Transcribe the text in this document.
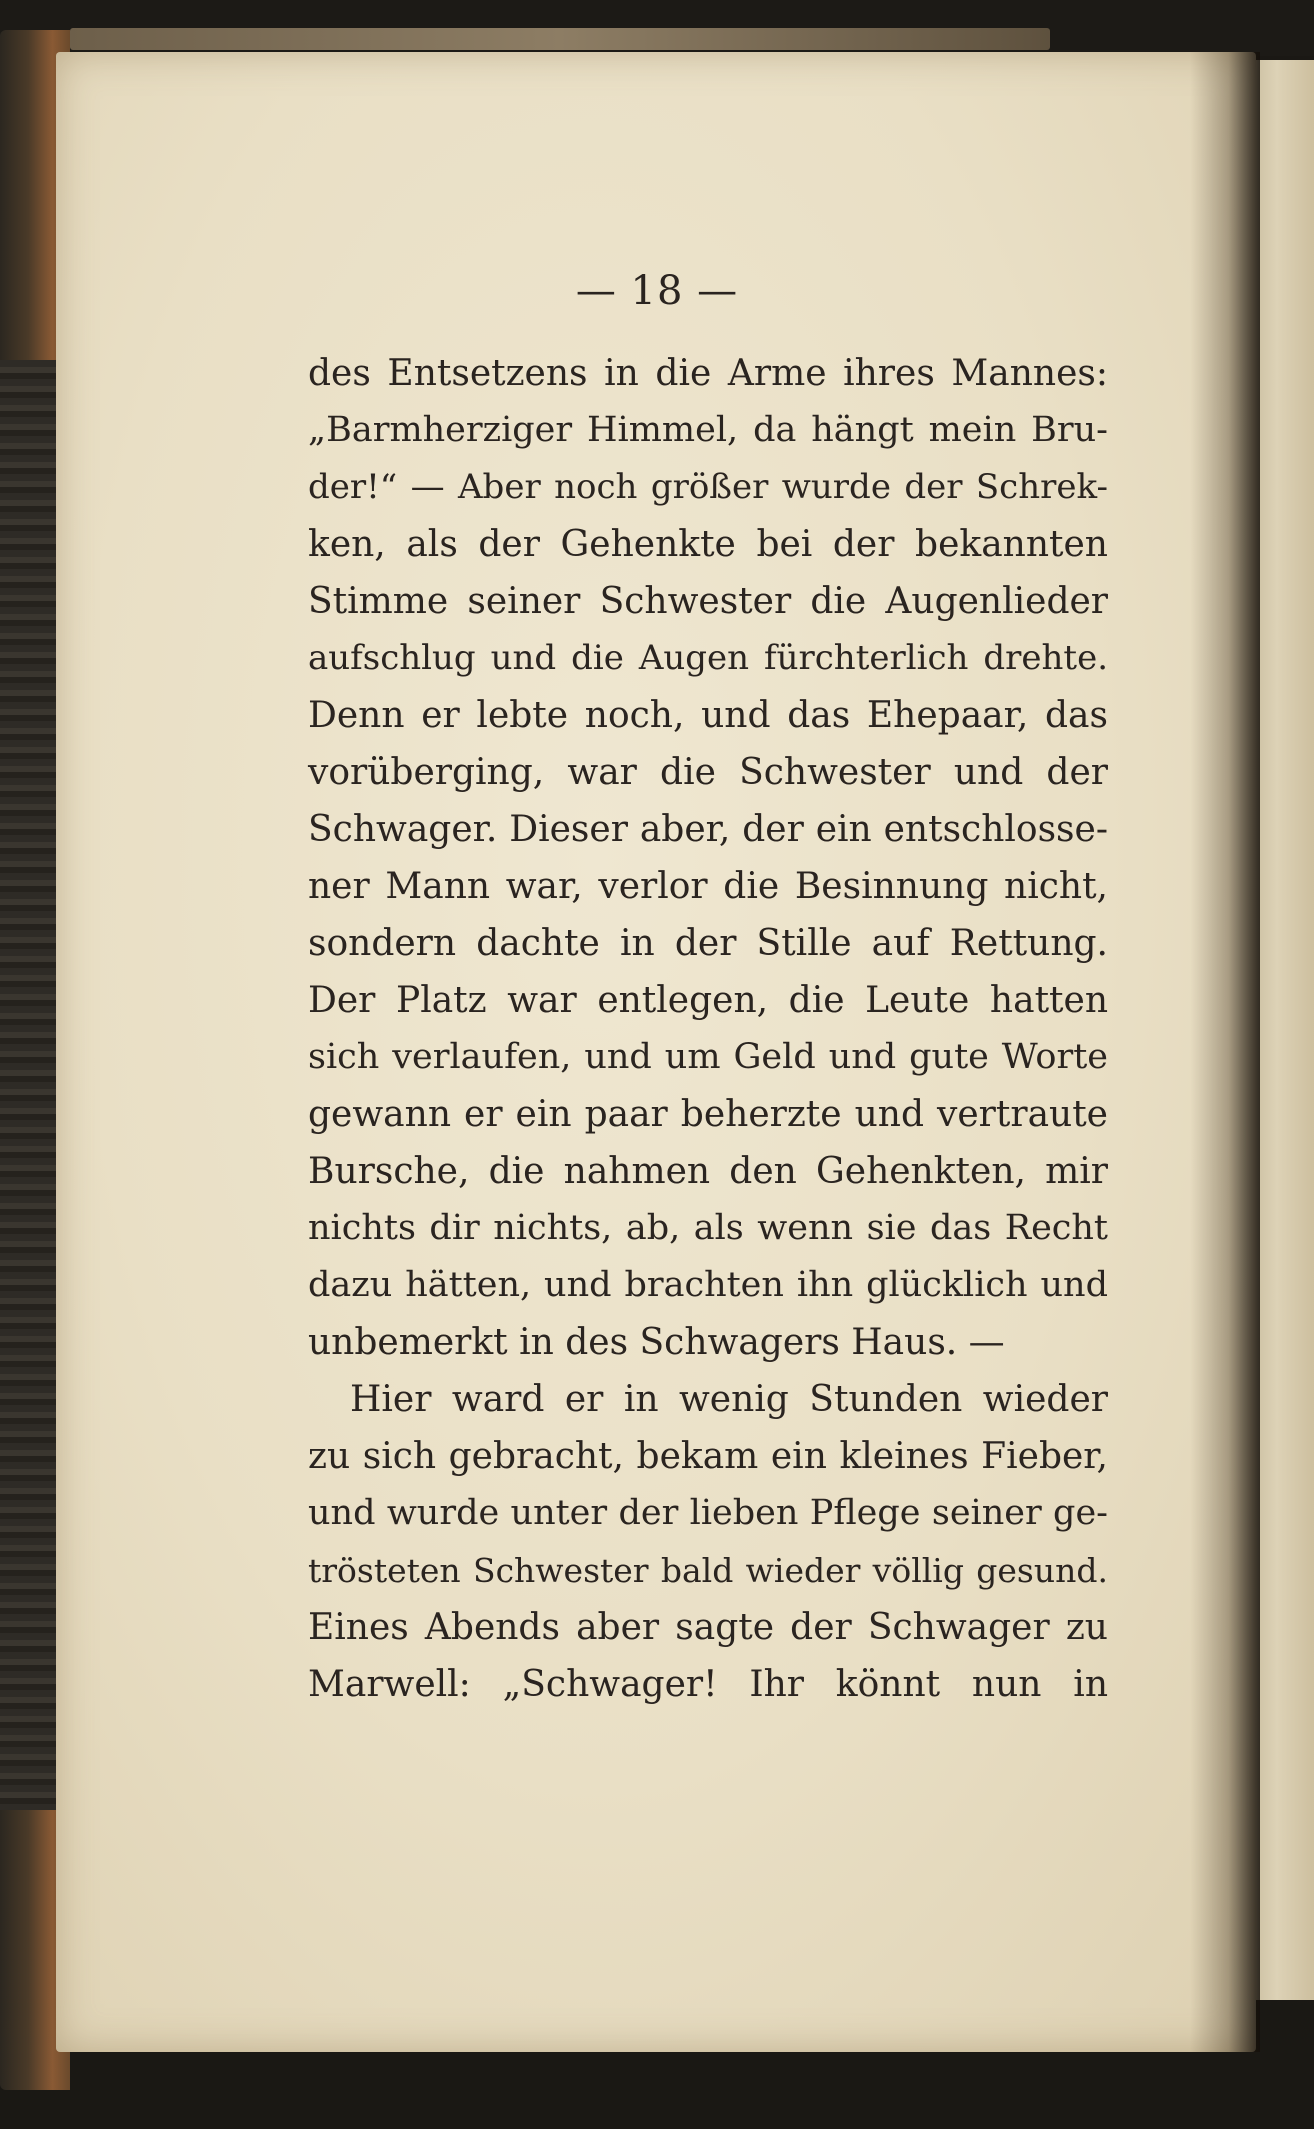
— 18 —
des Entsetzens in die Arme ihres Mannes:
„Barmherziger Himmel, da hängt mein Bru-
der!“ — Aber noch größer wurde der Schrek-
ken, als der Gehenkte bei der bekannten
Stimme seiner Schwester die Augenlieder
aufschlug und die Augen fürchterlich drehte.
Denn er lebte noch, und das Ehepaar, das
vorüberging, war die Schwester und der
Schwager. Dieser aber, der ein entschlosse-
ner Mann war, verlor die Besinnung nicht,
sondern dachte in der Stille auf Rettung.
Der Platz war entlegen, die Leute hatten
sich verlaufen, und um Geld und gute Worte
gewann er ein paar beherzte und vertraute
Bursche, die nahmen den Gehenkten, mir
nichts dir nichts, ab, als wenn sie das Recht
dazu hätten, und brachten ihn glücklich und
unbemerkt in des Schwagers Haus. —
Hier ward er in wenig Stunden wieder
zu sich gebracht, bekam ein kleines Fieber,
und wurde unter der lieben Pflege seiner ge-
trösteten Schwester bald wieder völlig gesund.
Eines Abends aber sagte der Schwager zu
Marwell: „Schwager! Ihr könnt nun in
